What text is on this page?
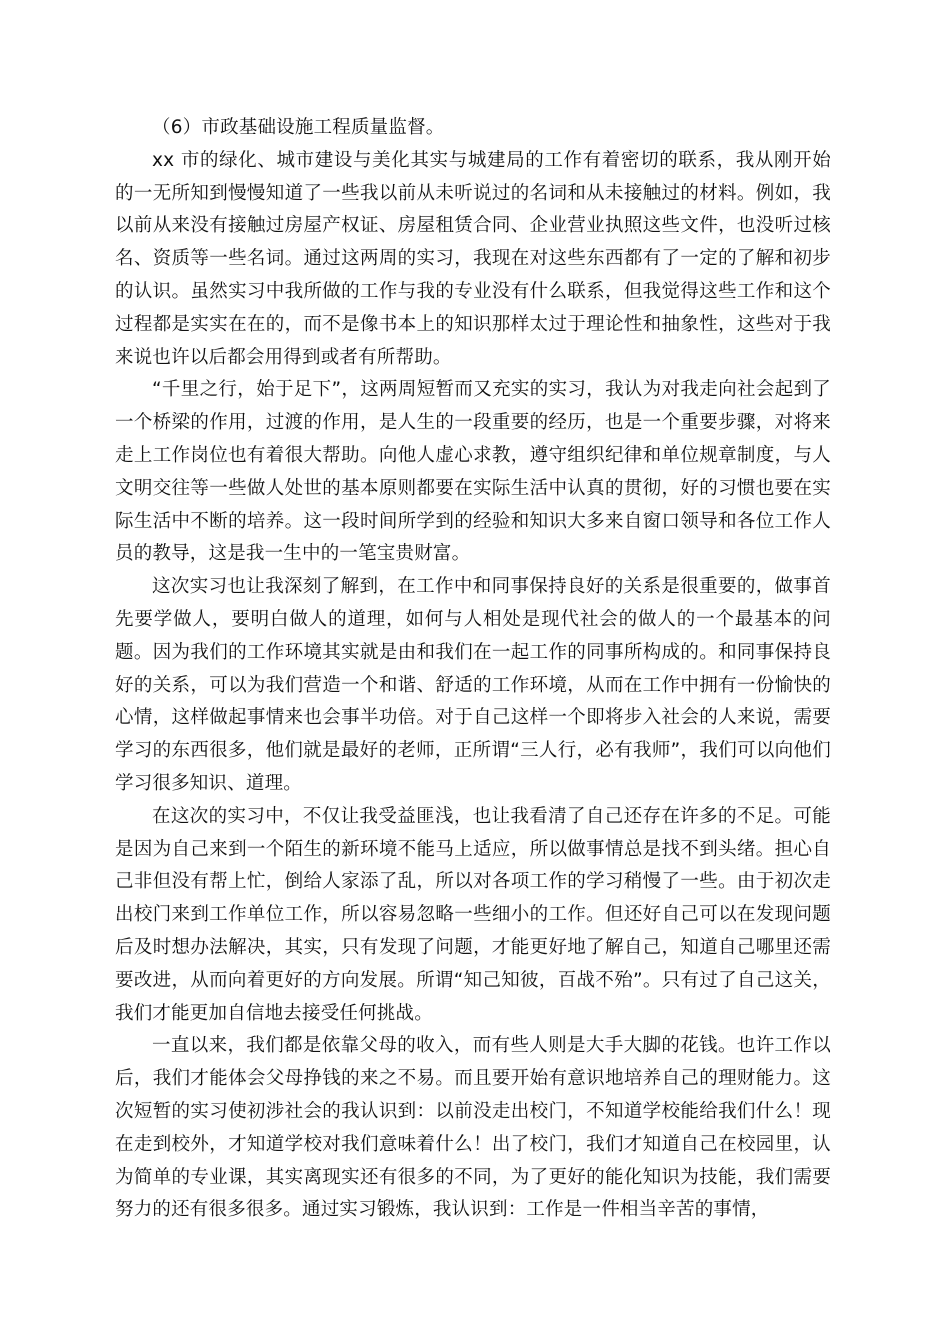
（6）市政基础设施工程质量监督。

xx 市的绿化、城市建设与美化其实与城建局的工作有着密切的联系，我从刚开始的一无所知到慢慢知道了一些我以前从未听说过的名词和从未接触过的材料。例如，我以前从来没有接触过房屋产权证、房屋租赁合同、企业营业执照这些文件，也没听过核名、资质等一些名词。通过这两周的实习，我现在对这些东西都有了一定的了解和初步的认识。虽然实习中我所做的工作与我的专业没有什么联系，但我觉得这些工作和这个过程都是实实在在的，而不是像书本上的知识那样太过于理论性和抽象性，这些对于我来说也许以后都会用得到或者有所帮助。

“千里之行，始于足下”，这两周短暂而又充实的实习，我认为对我走向社会起到了一个桥梁的作用，过渡的作用，是人生的一段重要的经历，也是一个重要步骤，对将来走上工作岗位也有着很大帮助。向他人虚心求教，遵守组织纪律和单位规章制度，与人文明交往等一些做人处世的基本原则都要在实际生活中认真的贯彻，好的习惯也要在实际生活中不断的培养。这一段时间所学到的经验和知识大多来自窗口领导和各位工作人员的教导，这是我一生中的一笔宝贵财富。

这次实习也让我深刻了解到，在工作中和同事保持良好的关系是很重要的，做事首先要学做人，要明白做人的道理，如何与人相处是现代社会的做人的一个最基本的问题。因为我们的工作环境其实就是由和我们在一起工作的同事所构成的。和同事保持良好的关系，可以为我们营造一个和谐、舒适的工作环境，从而在工作中拥有一份愉快的心情，这样做起事情来也会事半功倍。对于自己这样一个即将步入社会的人来说，需要学习的东西很多，他们就是最好的老师，正所谓“三人行，必有我师”，我们可以向他们学习很多知识、道理。

在这次的实习中，不仅让我受益匪浅，也让我看清了自己还存在许多的不足。可能是因为自己来到一个陌生的新环境不能马上适应，所以做事情总是找不到头绪。担心自己非但没有帮上忙，倒给人家添了乱，所以对各项工作的学习稍慢了一些。由于初次走出校门来到工作单位工作，所以容易忽略一些细小的工作。但还好自己可以在发现问题后及时想办法解决，其实，只有发现了问题，才能更好地了解自己，知道自己哪里还需要改进，从而向着更好的方向发展。所谓“知己知彼，百战不殆”。只有过了自己这关，我们才能更加自信地去接受任何挑战。

一直以来，我们都是依靠父母的收入，而有些人则是大手大脚的花钱。也许工作以后，我们才能体会父母挣钱的来之不易。而且要开始有意识地培养自己的理财能力。这次短暂的实习使初涉社会的我认识到：以前没走出校门，不知道学校能给我们什么！现在走到校外，才知道学校对我们意味着什么！出了校门，我们才知道自己在校园里，认为简单的专业课，其实离现实还有很多的不同，为了更好的能化知识为技能，我们需要努力的还有很多很多。通过实习锻炼，我认识到：工作是一件相当辛苦的事情，
